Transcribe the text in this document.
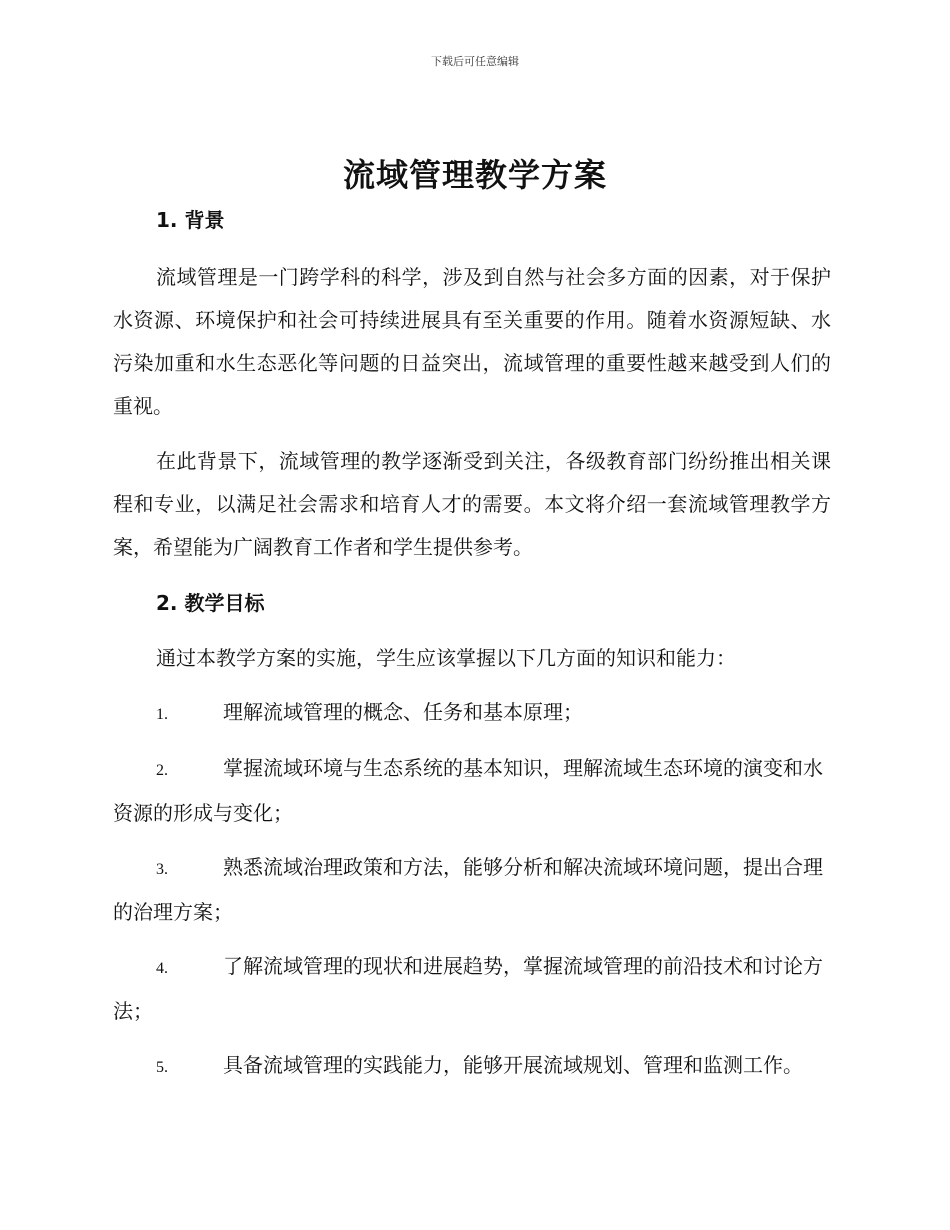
下载后可任意编辑
流域管理教学方案
1. 背景

流域管理是一门跨学科的科学，涉及到自然与社会多方面的因素，对于保护水资源、环境保护和社会可持续进展具有至关重要的作用。随着水资源短缺、水污染加重和水生态恶化等问题的日益突出，流域管理的重要性越来越受到人们的重视。

在此背景下，流域管理的教学逐渐受到关注，各级教育部门纷纷推出相关课程和专业，以满足社会需求和培育人才的需要。本文将介绍一套流域管理教学方案，希望能为广阔教育工作者和学生提供参考。

2. 教学目标

通过本教学方案的实施，学生应该掌握以下几方面的知识和能力：

1.	理解流域管理的概念、任务和基本原理；

2.	掌握流域环境与生态系统的基本知识，理解流域生态环境的演变和水资源的形成与变化；

3.	熟悉流域治理政策和方法，能够分析和解决流域环境问题，提出合理的治理方案；

4.	了解流域管理的现状和进展趋势，掌握流域管理的前沿技术和讨论方法；

5.	具备流域管理的实践能力，能够开展流域规划、管理和监测工作。
